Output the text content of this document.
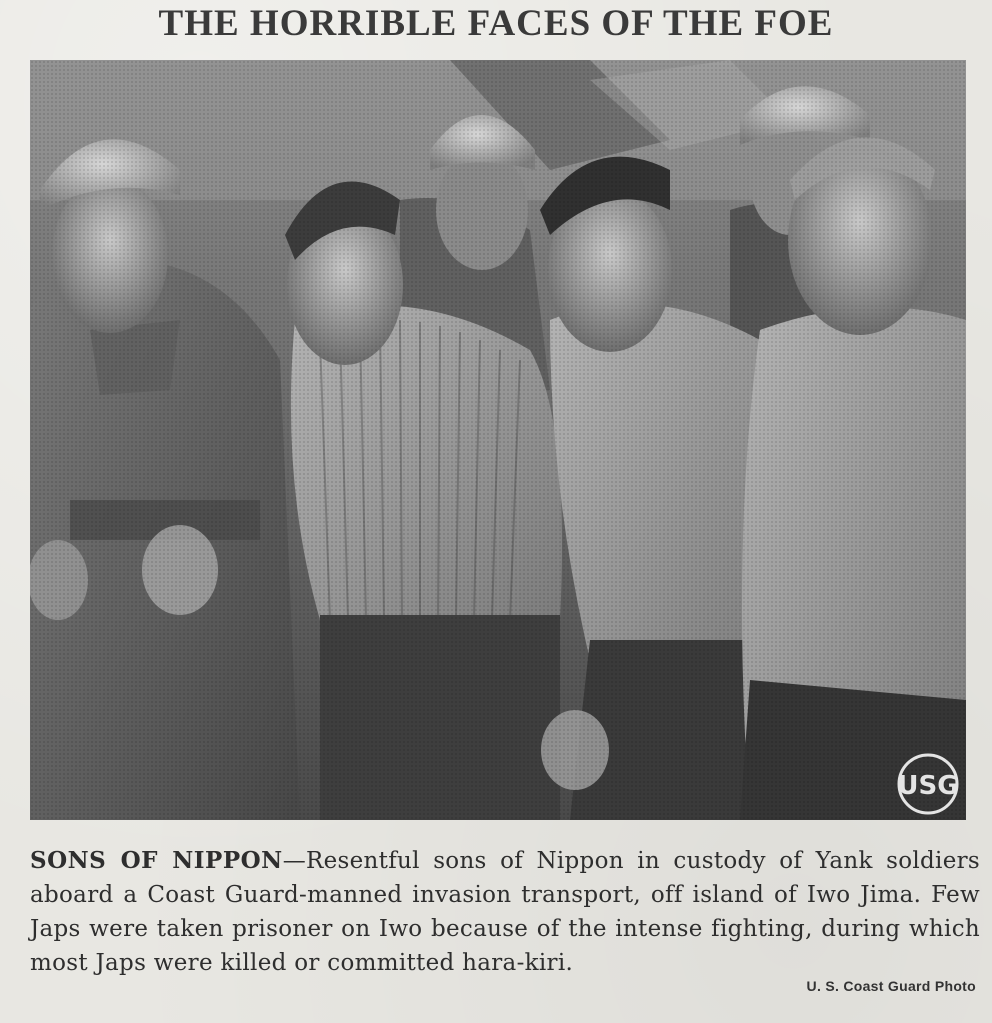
THE HORRIBLE FACES OF THE FOE
USG
SONS OF NIPPON—Resentful sons of Nippon in custody of Yank soldiers aboard a Coast Guard-manned invasion transport, off island of Iwo Jima. Few Japs were taken prisoner on Iwo because of the intense fighting, during which most Japs were killed or committed hara-kiri.
U. S. Coast Guard Photo
